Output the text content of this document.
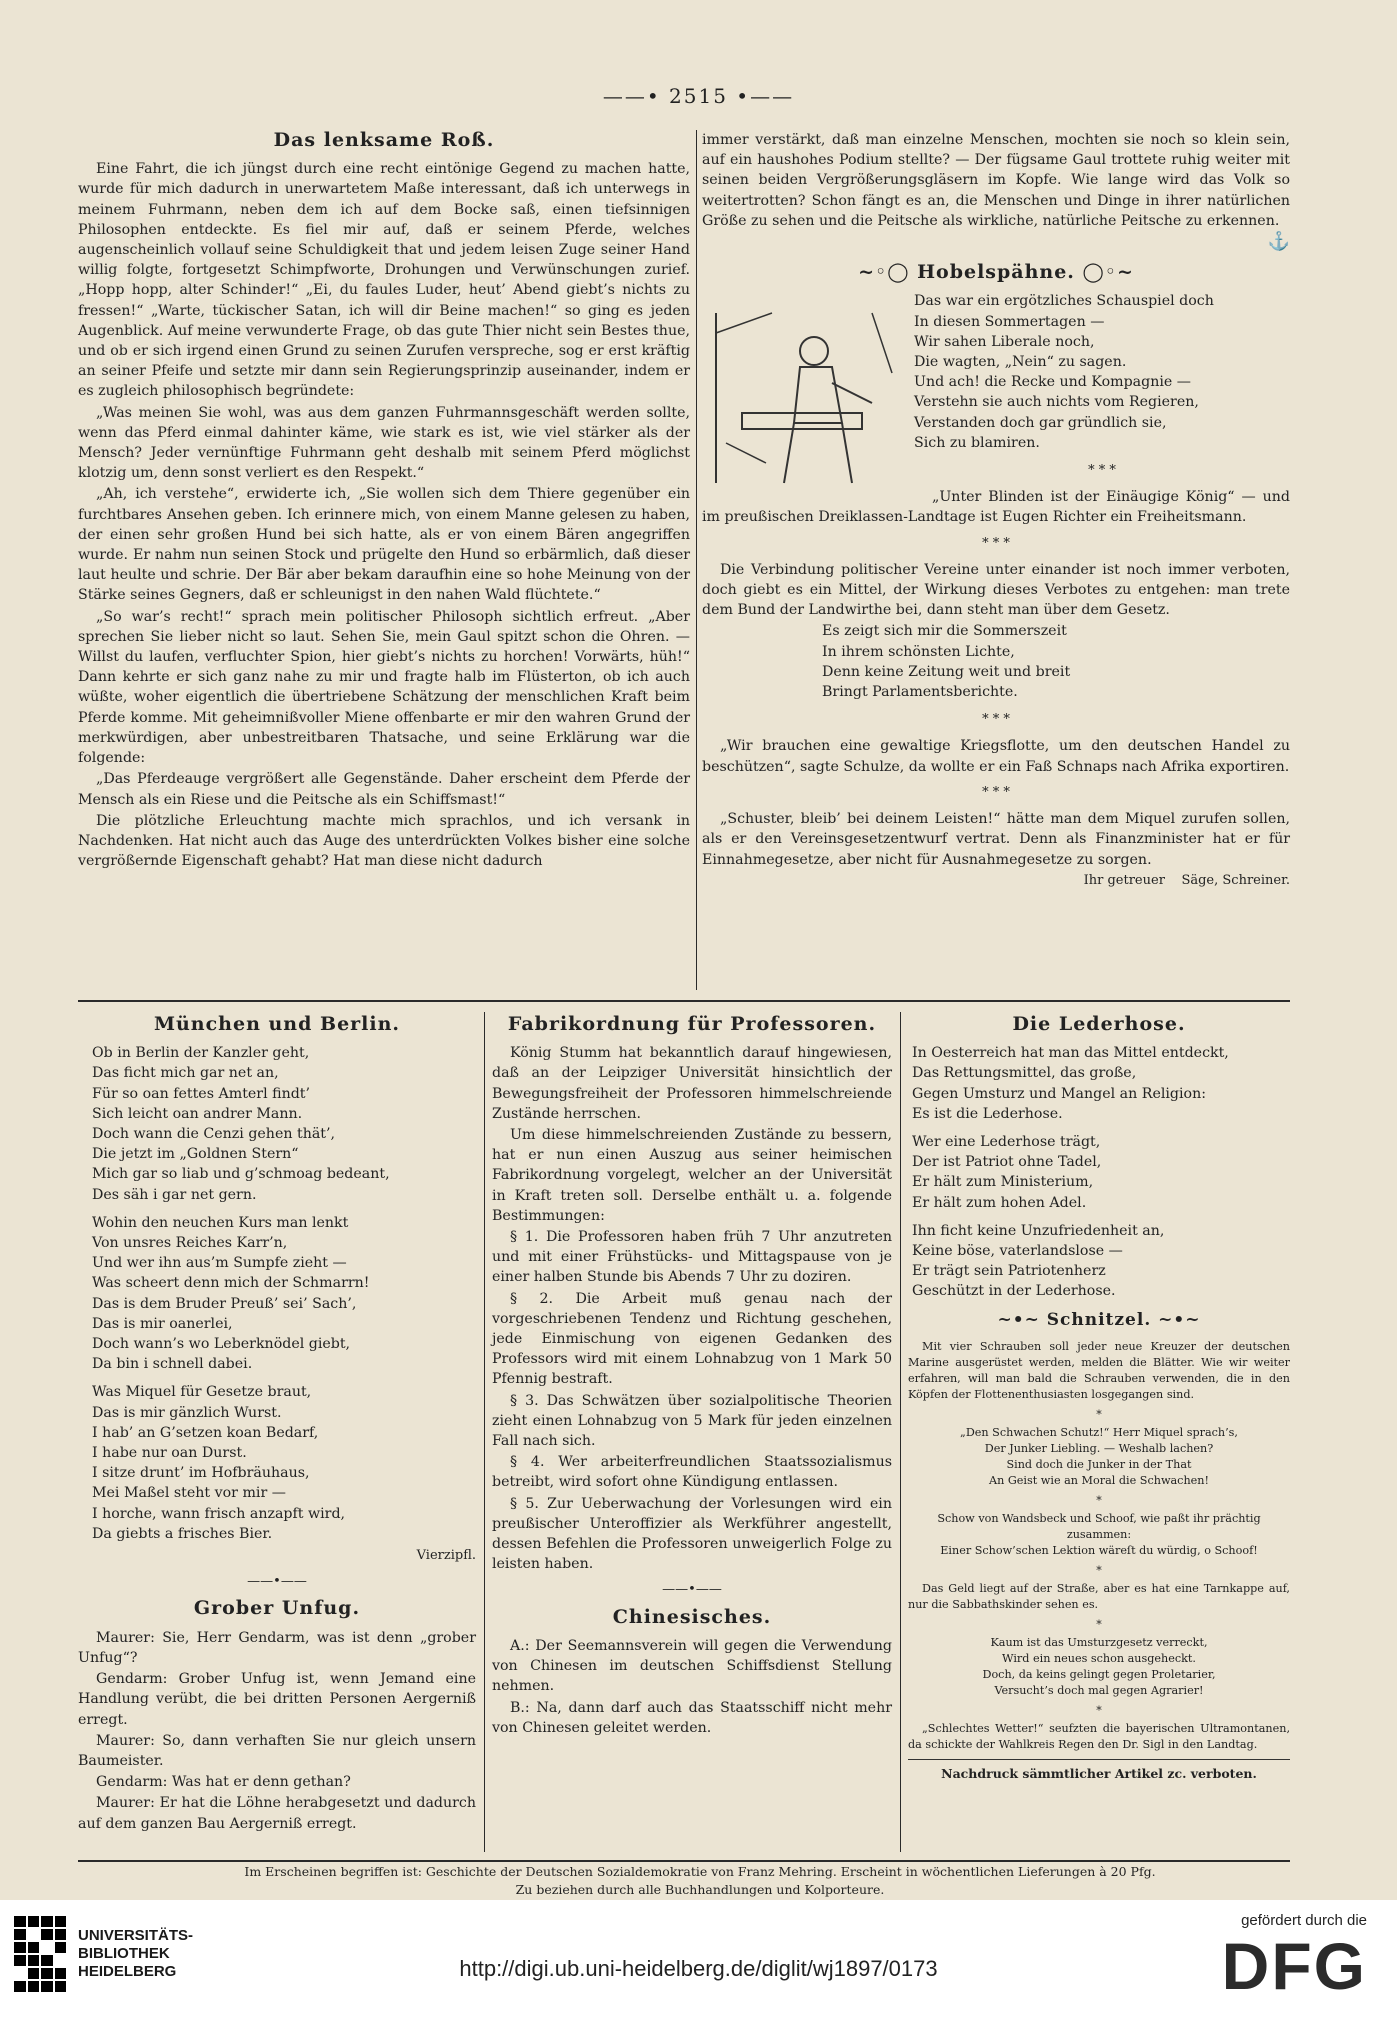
——• 2515 •——
Das lenksame Roß.

Eine Fahrt, die ich jüngst durch eine recht eintönige Gegend zu machen hatte, wurde für mich dadurch in unerwartetem Maße interessant, daß ich unterwegs in meinem Fuhrmann, neben dem ich auf dem Bocke saß, einen tiefsinnigen Philosophen entdeckte. Es fiel mir auf, daß er seinem Pferde, welches augenscheinlich vollauf seine Schuldigkeit that und jedem leisen Zuge seiner Hand willig folgte, fortgesetzt Schimpfworte, Drohungen und Verwünschungen zurief. „Hopp hopp, alter Schinder!“ „Ei, du faules Luder, heut’ Abend giebt’s nichts zu fressen!“ „Warte, tückischer Satan, ich will dir Beine machen!“ so ging es jeden Augenblick. Auf meine verwunderte Frage, ob das gute Thier nicht sein Bestes thue, und ob er sich irgend einen Grund zu seinen Zurufen verspreche, sog er erst kräftig an seiner Pfeife und setzte mir dann sein Regierungsprinzip auseinander, indem er es zugleich philosophisch begründete:

„Was meinen Sie wohl, was aus dem ganzen Fuhrmannsgeschäft werden sollte, wenn das Pferd einmal dahinter käme, wie stark es ist, wie viel stärker als der Mensch? Jeder vernünftige Fuhrmann geht deshalb mit seinem Pferd möglichst klotzig um, denn sonst verliert es den Respekt.“

„Ah, ich verstehe“, erwiderte ich, „Sie wollen sich dem Thiere gegenüber ein furchtbares Ansehen geben. Ich erinnere mich, von einem Manne gelesen zu haben, der einen sehr großen Hund bei sich hatte, als er von einem Bären angegriffen wurde. Er nahm nun seinen Stock und prügelte den Hund so erbärmlich, daß dieser laut heulte und schrie. Der Bär aber bekam daraufhin eine so hohe Meinung von der Stärke seines Gegners, daß er schleunigst in den nahen Wald flüchtete.“

„So war’s recht!“ sprach mein politischer Philosoph sichtlich erfreut. „Aber sprechen Sie lieber nicht so laut. Sehen Sie, mein Gaul spitzt schon die Ohren. — Willst du laufen, verfluchter Spion, hier giebt’s nichts zu horchen! Vorwärts, hüh!“ Dann kehrte er sich ganz nahe zu mir und fragte halb im Flüsterton, ob ich auch wüßte, woher eigentlich die übertriebene Schätzung der menschlichen Kraft beim Pferde komme. Mit geheimnißvoller Miene offenbarte er mir den wahren Grund der merkwürdigen, aber unbestreitbaren Thatsache, und seine Erklärung war die folgende:

„Das Pferdeauge vergrößert alle Gegenstände. Daher erscheint dem Pferde der Mensch als ein Riese und die Peitsche als ein Schiffsmast!“

Die plötzliche Erleuchtung machte mich sprachlos, und ich versank in Nachdenken. Hat nicht auch das Auge des unterdrückten Volkes bisher eine solche vergrößernde Eigenschaft gehabt? Hat man diese nicht dadurch

immer verstärkt, daß man einzelne Menschen, mochten sie noch so klein sein, auf ein haushohes Podium stellte? — Der fügsame Gaul trottete ruhig weiter mit seinen beiden Vergrößerungsgläsern im Kopfe. Wie lange wird das Volk so weitertrotten? Schon fängt es an, die Menschen und Dinge in ihrer natürlichen Größe zu sehen und die Peitsche als wirkliche, natürliche Peitsche zu erkennen.

⚓
~◦◯ Hobelspähne. ◯◦~
Das war ein ergötzliches Schauspiel doch
In diesen Sommertagen —
Wir sahen Liberale noch,
Die wagten, „Nein“ zu sagen.
Und ach! die Recke und Kompagnie —
Verstehn sie auch nichts vom Regieren,
Verstanden doch gar gründlich sie,
Sich zu blamiren.
* * *

„Unter Blinden ist der Einäugige König“ — und im preußischen Dreiklassen-Landtage ist Eugen Richter ein Freiheitsmann.

* * *

Die Verbindung politischer Vereine unter einander ist noch immer verboten, doch giebt es ein Mittel, der Wirkung dieses Verbotes zu entgehen: man trete dem Bund der Landwirthe bei, dann steht man über dem Gesetz.

Es zeigt sich mir die Sommerszeit
In ihrem schönsten Lichte,
Denn keine Zeitung weit und breit
Bringt Parlamentsberichte.
* * *

„Wir brauchen eine gewaltige Kriegsflotte, um den deutschen Handel zu beschützen“, sagte Schulze, da wollte er ein Faß Schnaps nach Afrika exportiren.

* * *

„Schuster, bleib’ bei deinem Leisten!“ hätte man dem Miquel zurufen sollen, als er den Vereinsgesetzentwurf vertrat. Denn als Finanzminister hat er für Einnahmegesetze, aber nicht für Ausnahmegesetze zu sorgen.

Ihr getreuer Säge, Schreiner.
München und Berlin.
Ob in Berlin der Kanzler geht,
Das ficht mich gar net an,
Für so oan fettes Amterl findt’
Sich leicht oan andrer Mann.
Doch wann die Cenzi gehen thät’,
Die jetzt im „Goldnen Stern“
Mich gar so liab und g’schmoag bedeant,
Des säh i gar net gern.
Wohin den neuchen Kurs man lenkt
Von unsres Reiches Karr’n,
Und wer ihn aus’m Sumpfe zieht —
Was scheert denn mich der Schmarrn!
Das is dem Bruder Preuß’ sei’ Sach’,
Das is mir oanerlei,
Doch wann’s wo Leberknödel giebt,
Da bin i schnell dabei.
Was Miquel für Gesetze braut,
Das is mir gänzlich Wurst.
I hab’ an G’setzen koan Bedarf,
I habe nur oan Durst.
I sitze drunt’ im Hofbräuhaus,
Mei Maßel steht vor mir —
I horche, wann frisch anzapft wird,
Da giebts a frisches Bier.
Vierzipfl.
——•——
Grober Unfug.

Maurer: Sie, Herr Gendarm, was ist denn „grober Unfug“?

Gendarm: Grober Unfug ist, wenn Jemand eine Handlung verübt, die bei dritten Personen Aergerniß erregt.

Maurer: So, dann verhaften Sie nur gleich unsern Baumeister.

Gendarm: Was hat er denn gethan?

Maurer: Er hat die Löhne herabgesetzt und dadurch auf dem ganzen Bau Aergerniß erregt.

Fabrikordnung für Professoren.

König Stumm hat bekanntlich darauf hingewiesen, daß an der Leipziger Universität hinsichtlich der Bewegungsfreiheit der Professoren himmelschreiende Zustände herrschen.

Um diese himmelschreienden Zustände zu bessern, hat er nun einen Auszug aus seiner heimischen Fabrikordnung vorgelegt, welcher an der Universität in Kraft treten soll. Derselbe enthält u. a. folgende Bestimmungen:

§ 1. Die Professoren haben früh 7 Uhr anzutreten und mit einer Frühstücks- und Mittagspause von je einer halben Stunde bis Abends 7 Uhr zu doziren.

§ 2. Die Arbeit muß genau nach der vorgeschriebenen Tendenz und Richtung geschehen, jede Einmischung von eigenen Gedanken des Professors wird mit einem Lohnabzug von 1 Mark 50 Pfennig bestraft.

§ 3. Das Schwätzen über sozialpolitische Theorien zieht einen Lohnabzug von 5 Mark für jeden einzelnen Fall nach sich.

§ 4. Wer arbeiterfreundlichen Staatssozialismus betreibt, wird sofort ohne Kündigung entlassen.

§ 5. Zur Ueberwachung der Vorlesungen wird ein preußischer Unteroffizier als Werkführer angestellt, dessen Befehlen die Professoren unweigerlich Folge zu leisten haben.

——•——
Chinesisches.

A.: Der Seemannsverein will gegen die Verwendung von Chinesen im deutschen Schiffsdienst Stellung nehmen.

B.: Na, dann darf auch das Staatsschiff nicht mehr von Chinesen geleitet werden.

Die Lederhose.
In Oesterreich hat man das Mittel entdeckt,
Das Rettungsmittel, das große,
Gegen Umsturz und Mangel an Religion:
Es ist die Lederhose.
Wer eine Lederhose trägt,
Der ist Patriot ohne Tadel,
Er hält zum Ministerium,
Er hält zum hohen Adel.
Ihn ficht keine Unzufriedenheit an,
Keine böse, vaterlandslose —
Er trägt sein Patriotenherz
Geschützt in der Lederhose.
~•~ Schnitzel. ~•~

Mit vier Schrauben soll jeder neue Kreuzer der deutschen Marine ausgerüstet werden, melden die Blätter. Wie wir weiter erfahren, will man bald die Schrauben verwenden, die in den Köpfen der Flottenenthusiasten losgegangen sind.

*
„Den Schwachen Schutz!“ Herr Miquel sprach’s,
Der Junker Liebling. — Weshalb lachen?
Sind doch die Junker in der That
An Geist wie an Moral die Schwachen!
*
Schow von Wandsbeck und Schoof, wie paßt ihr prächtig zusammen:
Einer Schow’schen Lektion wäreſt du würdig, o Schoof!
*

Das Geld liegt auf der Straße, aber es hat eine Tarnkappe auf, nur die Sabbathskinder sehen es.

*
Kaum ist das Umsturzgesetz verreckt,
Wird ein neues schon ausgeheckt.
Doch, da keins gelingt gegen Proletarier,
Versucht’s doch mal gegen Agrarier!
*

„Schlechtes Wetter!“ seufzten die bayerischen Ultramontanen, da schickte der Wahlkreis Regen den Dr. Sigl in den Landtag.

Nachdruck sämmtlicher Artikel zc. verboten.
Im Erscheinen begriffen ist: Geschichte der Deutschen Sozialdemokratie von Franz Mehring. Erscheint in wöchentlichen Lieferungen à 20 Pfg.
Zu beziehen durch alle Buchhandlungen und Kolporteure.
UNIVERSITÄTS-
BIBLIOTHEK
HEIDELBERG	http://digi.ub.uni-heidelberg.de/diglit/wj1897/0173
gefördert durch die
DFG
